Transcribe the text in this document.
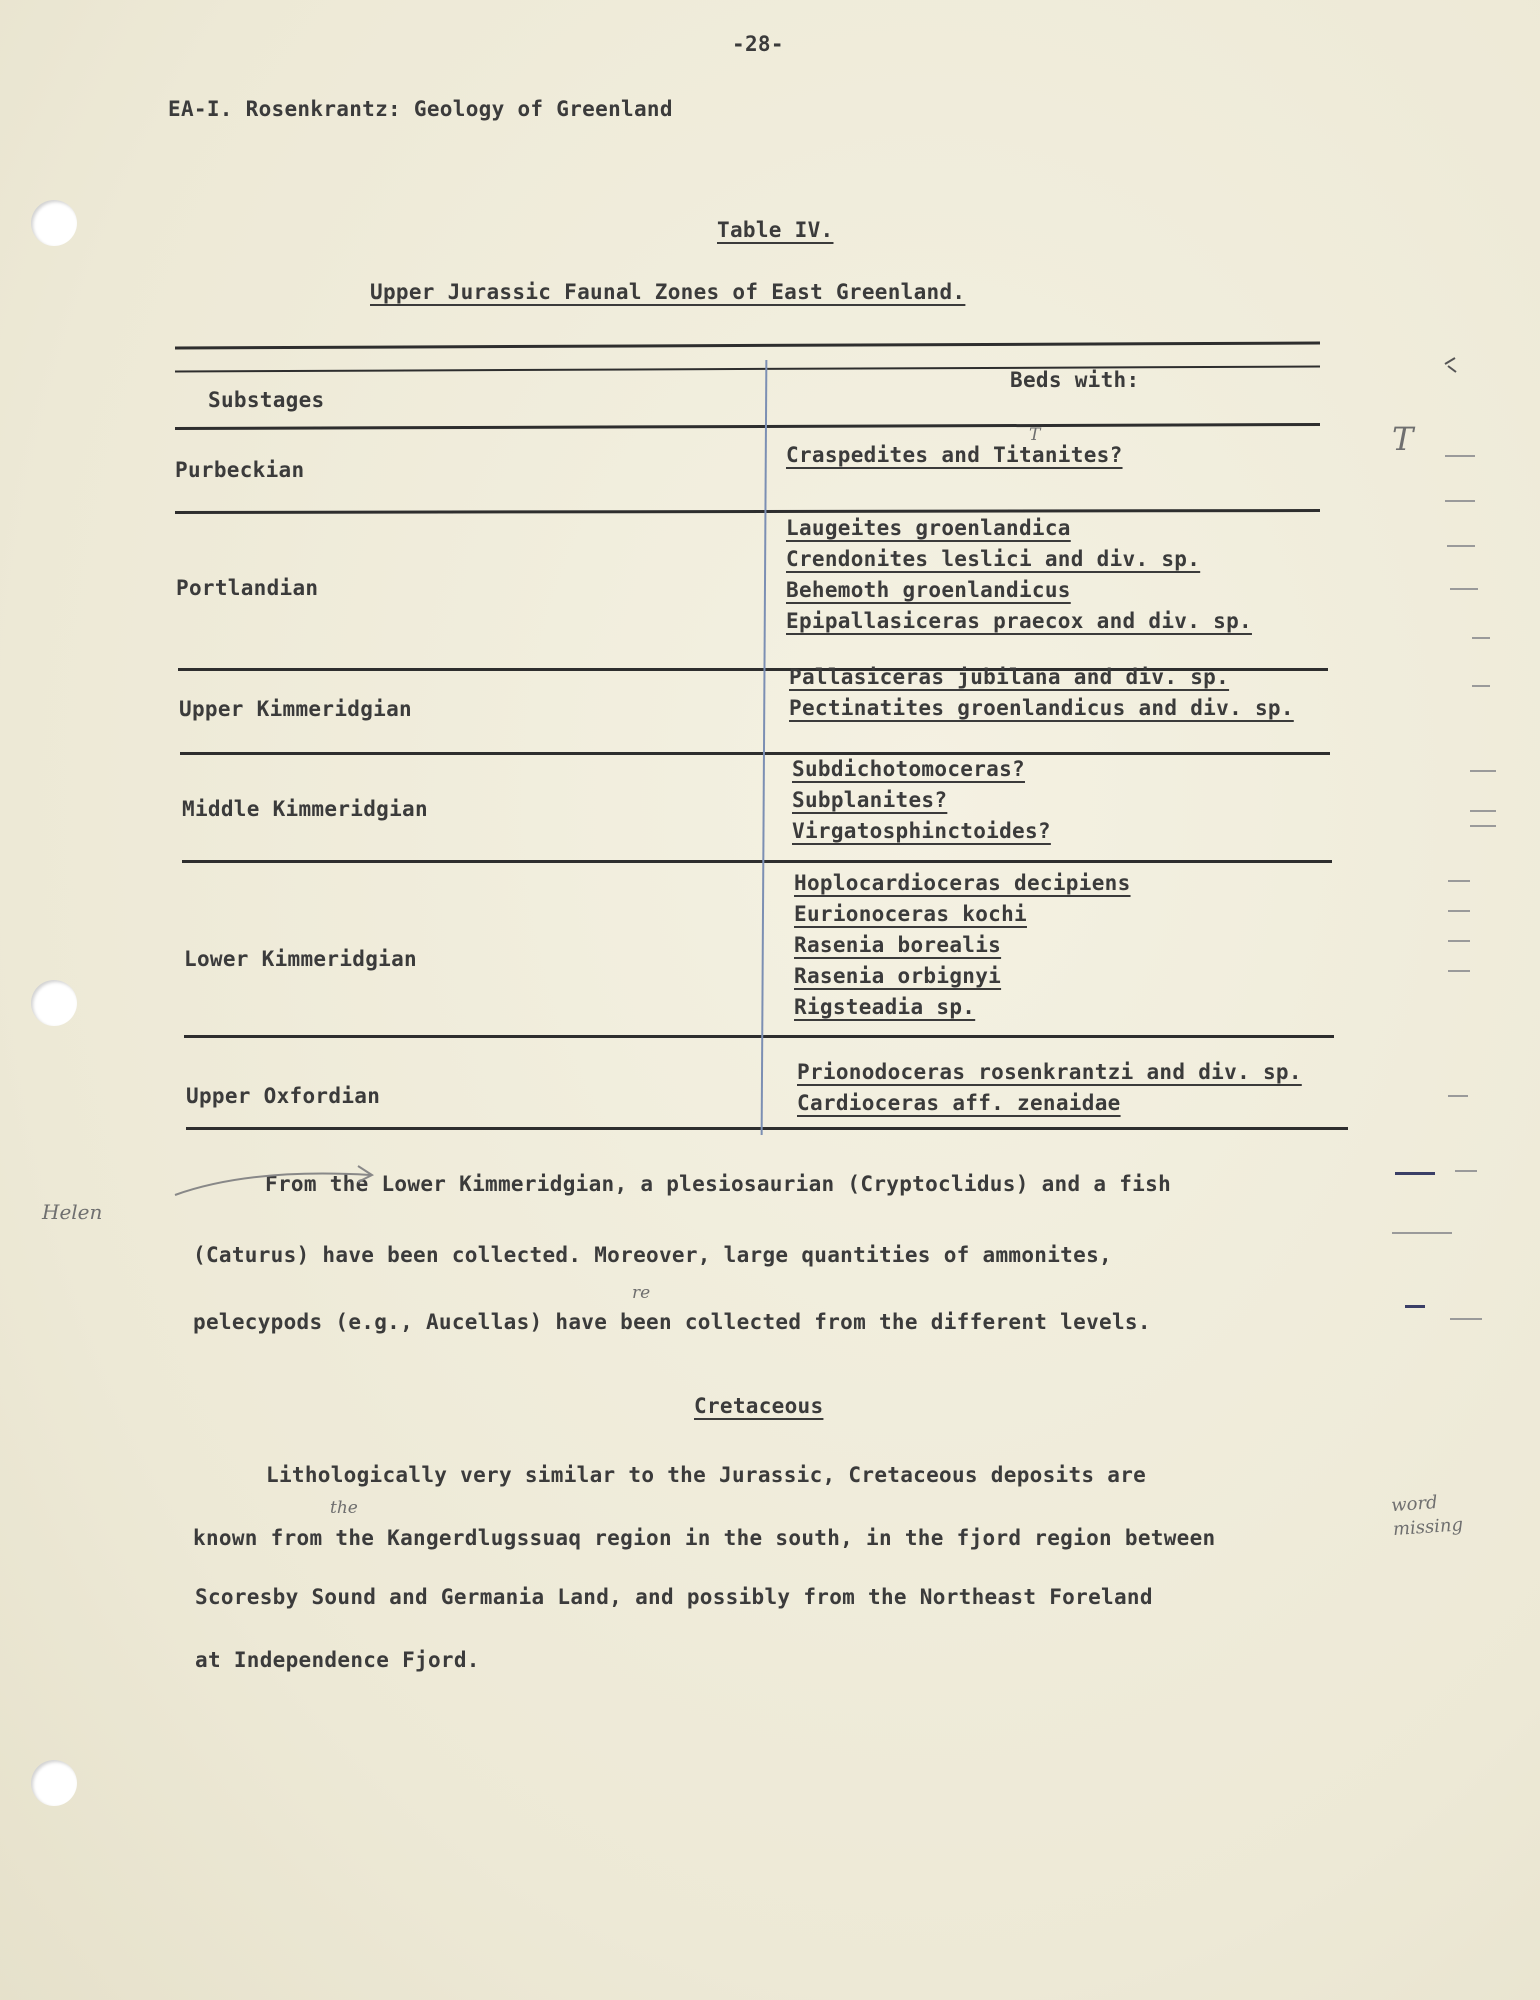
-28-
EA-I. Rosenkrantz: Geology of Greenland
Table IV.
Upper Jurassic Faunal Zones of East Greenland.
Substages
Beds with:
Purbeckian
Portlandian
Upper Kimmeridgian
Middle Kimmeridgian
Lower Kimmeridgian
Upper Oxfordian
Craspedites and Titanites?
Laugeites groenlandica
Crendonites leslici and div. sp.
Behemoth groenlandicus
Epipallasiceras praecox and div. sp.
Pallasiceras jubilana and div. sp.
Pectinatites groenlandicus and div. sp.
Subdichotomoceras?
Subplanites?
Virgatosphinctoides?
Hoplocardioceras decipiens
Eurionoceras kochi
Rasenia borealis
Rasenia orbignyi
Rigsteadia sp.
Prionodoceras rosenkrantzi and div. sp.
Cardioceras aff. zenaidae
From the Lower Kimmeridgian, a plesiosaurian (Cryptoclidus) and a fish
(Caturus) have been collected. Moreover, large quantities of ammonites,
pelecypods (e.g., Aucellas) have been collected from the different levels.
Cretaceous
Lithologically very similar to the Jurassic, Cretaceous deposits are
known from the Kangerdlugssuaq region in the south, in the fjord region between
Scoresby Sound and Germania Land, and possibly from the Northeast Foreland
at Independence Fjord.
Helen
word missing
the
re
T	T
